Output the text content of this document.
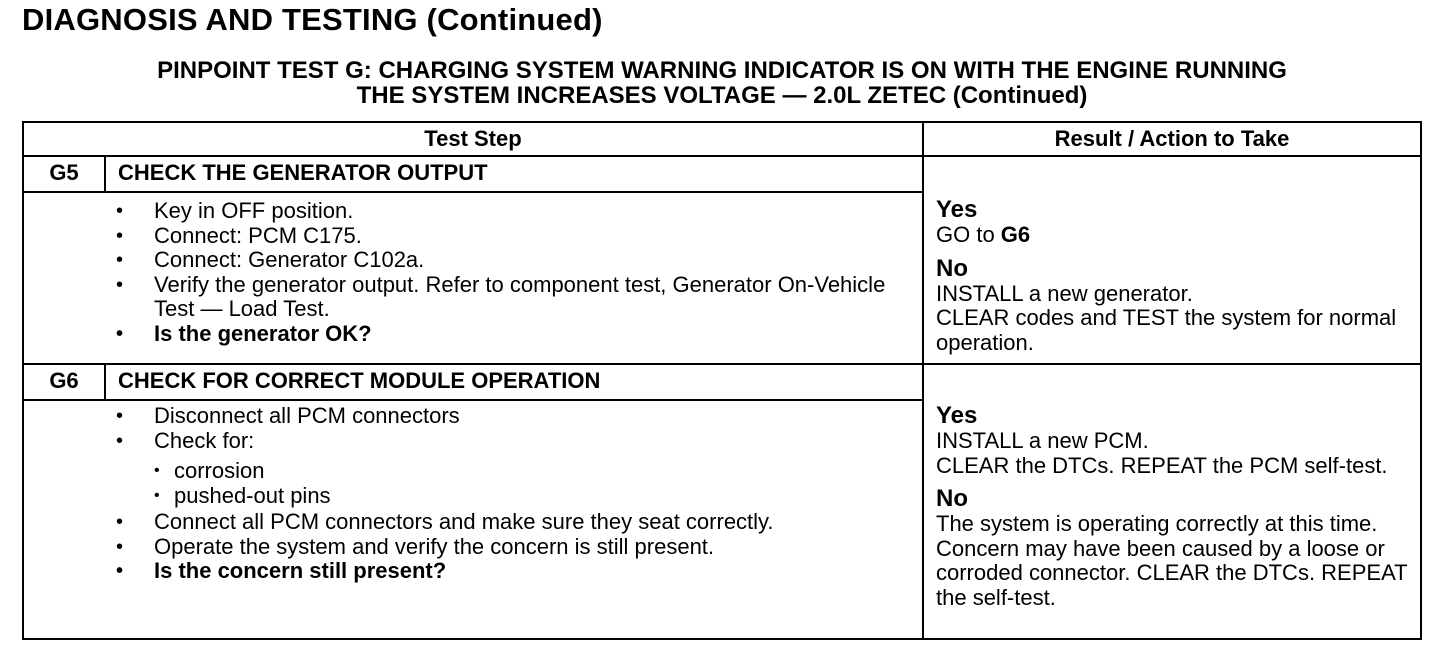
DIAGNOSIS AND TESTING (Continued)
PINPOINT TEST G: CHARGING SYSTEM WARNING INDICATOR IS ON WITH THE ENGINE RUNNING
THE SYSTEM INCREASES VOLTAGE — 2.0L ZETEC (Continued)
Test Step	Result / Action to Take
G5	CHECK THE GENERATOR OUTPUT
• Key in OFF position.
• Connect: PCM C175.
• Connect: Generator C102a.
• Verify the generator output. Refer to component test, Generator On-Vehicle Test — Load Test.
• Is the generator OK?
Yes
GO to G6
No
INSTALL a new generator.
CLEAR codes and TEST the system for normal operation.
G6	CHECK FOR CORRECT MODULE OPERATION
• Disconnect all PCM connectors
• Check for:
• corrosion
• pushed-out pins
• Connect all PCM connectors and make sure they seat correctly.
• Operate the system and verify the concern is still present.
• Is the concern still present?
Yes
INSTALL a new PCM.
CLEAR the DTCs. REPEAT the PCM self-test.
No
The system is operating correctly at this time. Concern may have been caused by a loose or corroded connector. CLEAR the DTCs. REPEAT the self-test.
